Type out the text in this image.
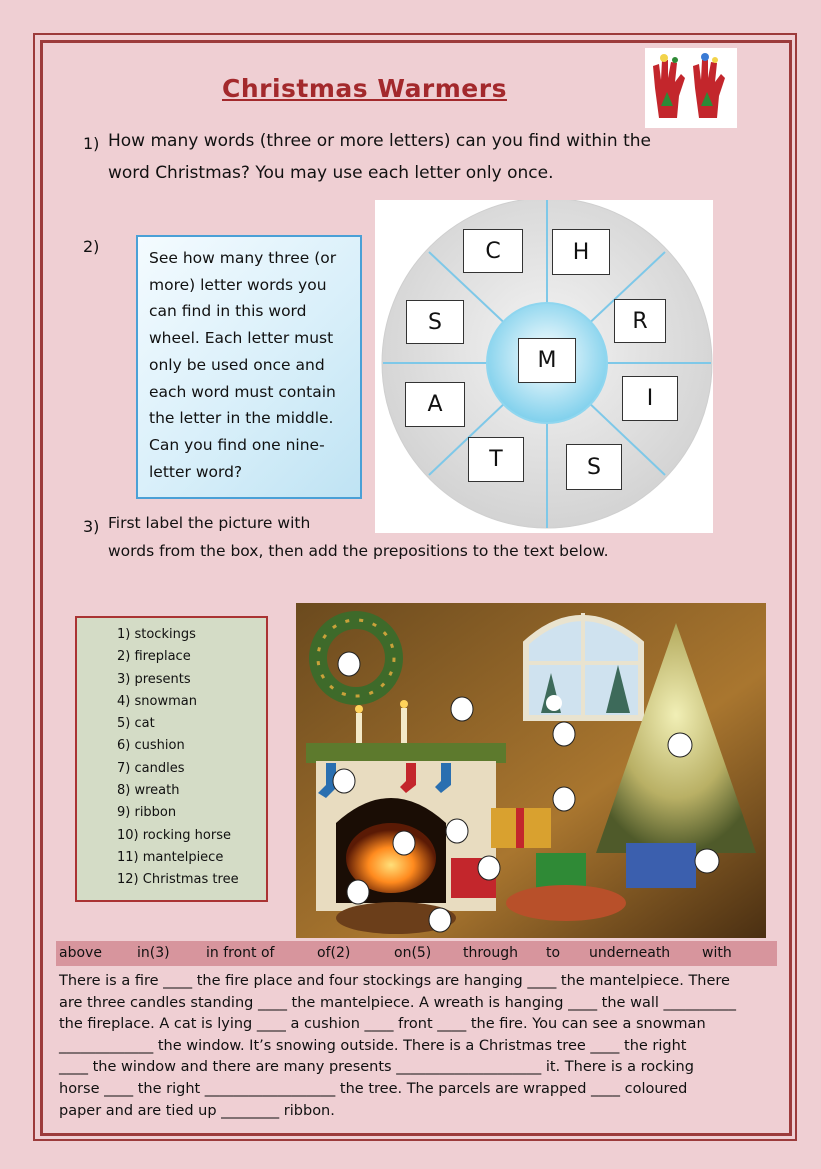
Christmas Warmers
1) How many words (three or more letters) can you find within the
word Christmas? You may use each letter only once.
2)
See how many three (or more) letter words you can find in this word wheel. Each letter must only be used once and each word must contain the letter in the middle. Can you find one nine-letter word?
C	H
R
I
S
T
A
S
M
3) First label the picture with
words from the box, then add the prepositions to the text below.
1) stockings
2) fireplace
3) presents
4) snowman
5) cat
6) cushion
7) candles
8) wreath
9) ribbon
10) rocking horse
11) mantelpiece
12) Christmas tree
above	in(3)	in front of	of(2)	on(5) through to underneath with
There is a fire ____ the fire place and four stockings are hanging ____ the mantelpiece. There
are three candles standing ____ the mantelpiece. A wreath is hanging ____ the wall __________
the fireplace. A cat is lying ____ a cushion ____ front ____ the fire. You can see a snowman
_____________ the window. It’s snowing outside. There is a Christmas tree ____ the right
____ the window and there are many presents ____________________ it. There is a rocking
horse ____ the right __________________ the tree. The parcels are wrapped ____ coloured
paper and are tied up ________ ribbon.
